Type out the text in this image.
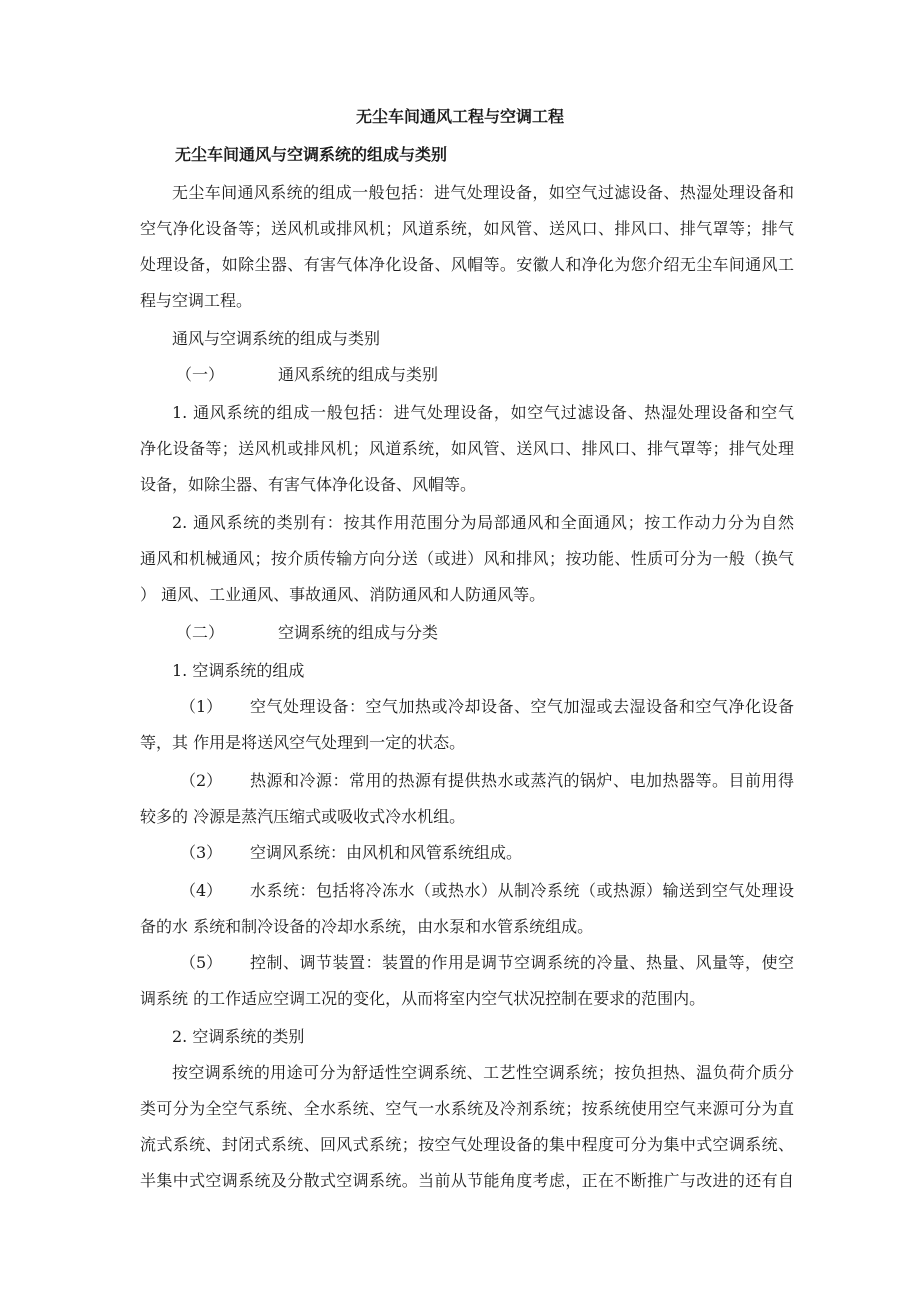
无尘车间通风工程与空调工程
无尘车间通风与空调系统的组成与类别
无尘车间通风系统的组成一般包括：进气处理设备，如空气过滤设备、热湿处理设备和
空气净化设备等；送风机或排风机；风道系统，如风管、送风口、排风口、排气罩等；排气
处理设备，如除尘器、有害气体净化设备、风帽等。安徽人和净化为您介绍无尘车间通风工
程与空调工程。
通风与空调系统的组成与类别
（一）	通风系统的组成与类别
1. 通风系统的组成一般包括：进气处理设备，如空气过滤设备、热湿处理设备和空气
净化设备等；送风机或排风机；风道系统，如风管、送风口、排风口、排气罩等；排气处理
设备，如除尘器、有害气体净化设备、风帽等。
2. 通风系统的类别有：按其作用范围分为局部通风和全面通风；按工作动力分为自然
通风和机械通风；按介质传输方向分送（或进）风和排风；按功能、性质可分为一般（换气
） 通风、工业通风、事故通风、消防通风和人防通风等。
（二）	空调系统的组成与分类
1. 空调系统的组成
（1） 空气处理设备：空气加热或冷却设备、空气加湿或去湿设备和空气净化设备
等，其 作用是将送风空气处理到一定的状态。
（2） 热源和冷源：常用的热源有提供热水或蒸汽的锅炉、电加热器等。目前用得
较多的 冷源是蒸汽压缩式或吸收式冷水机组。
（3） 空调风系统：由风机和风管系统组成。
（4） 水系统：包括将冷冻水（或热水）从制冷系统（或热源）输送到空气处理设
备的水 系统和制冷设备的冷却水系统，由水泵和水管系统组成。
（5） 控制、调节装置：装置的作用是调节空调系统的冷量、热量、风量等，使空
调系统 的工作适应空调工况的变化，从而将室内空气状况控制在要求的范围内。
2. 空调系统的类别
按空调系统的用途可分为舒适性空调系统、工艺性空调系统；按负担热、温负荷介质分
类可分为全空气系统、全水系统、空气一水系统及冷剂系统；按系统使用空气来源可分为直
流式系统、封闭式系统、回风式系统；按空气处理设备的集中程度可分为集中式空调系统、
半集中式空调系统及分散式空调系统。当前从节能角度考虑，正在不断推广与改进的还有自
